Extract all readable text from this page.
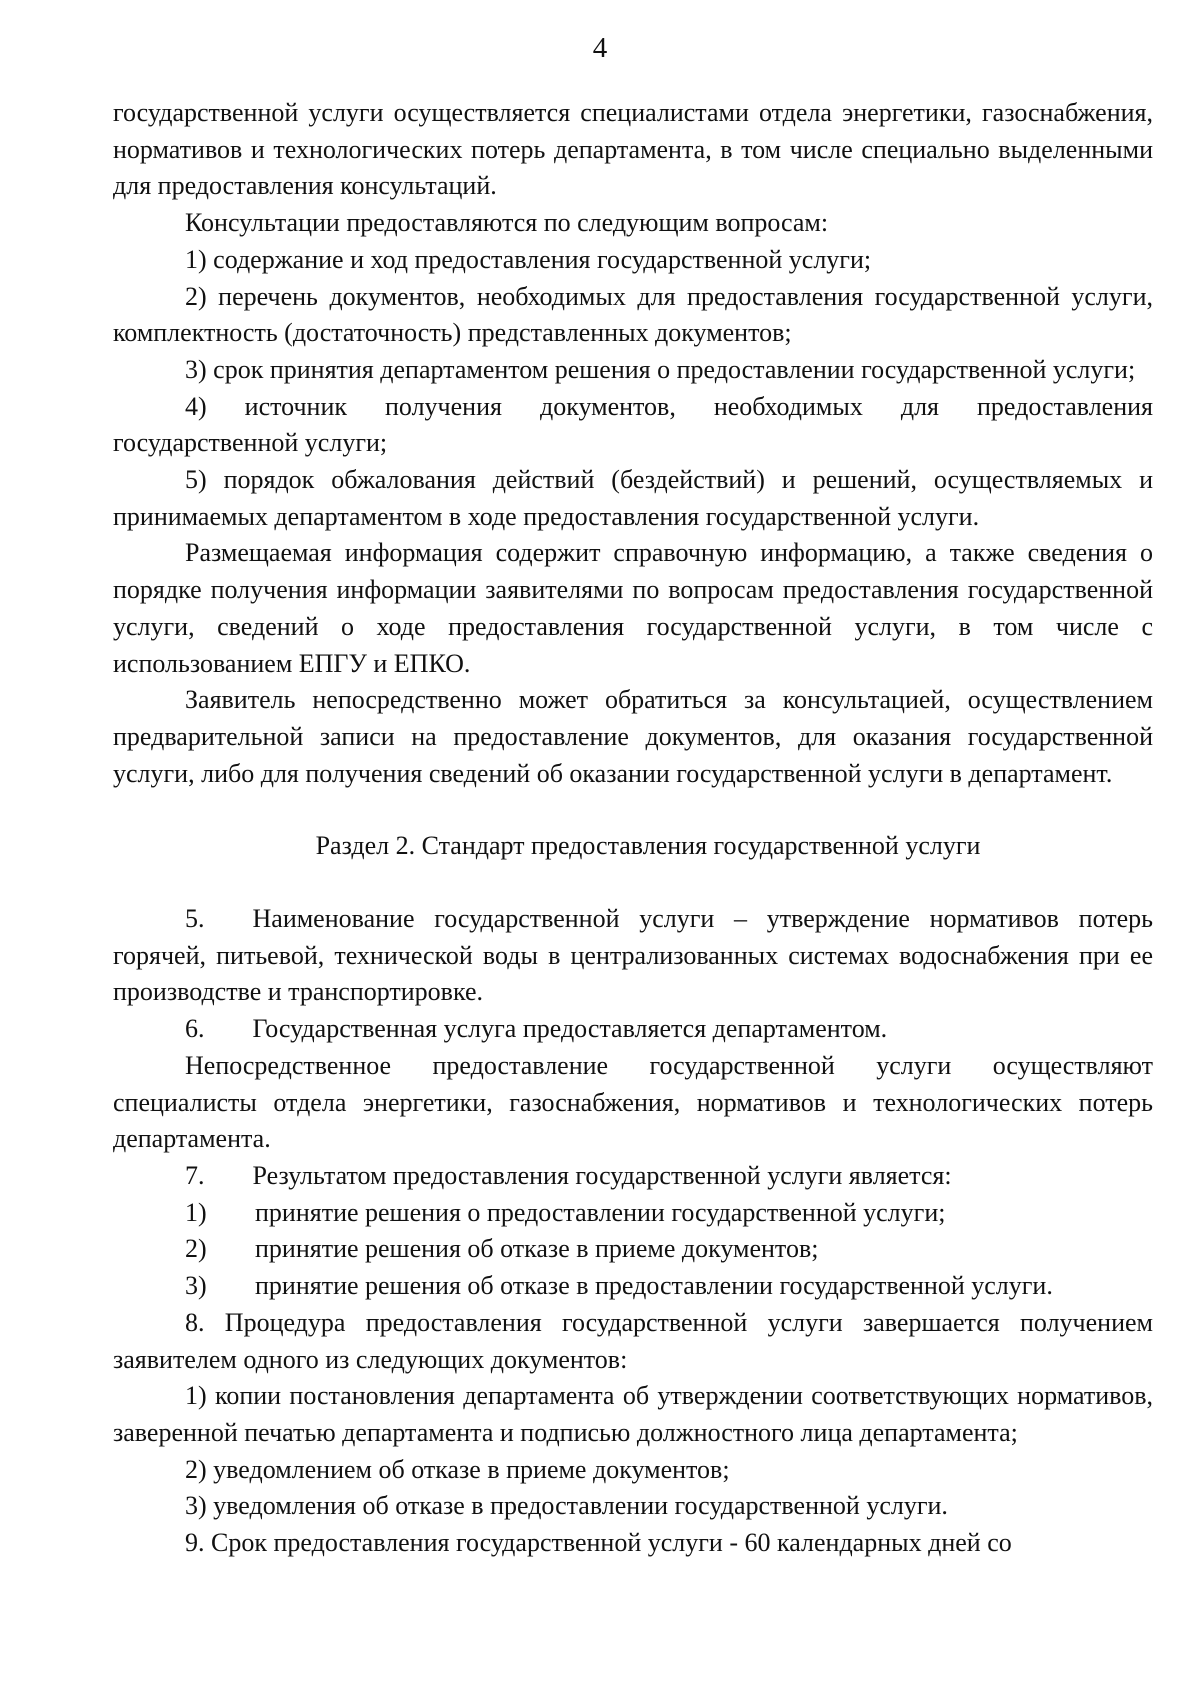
4

государственной услуги осуществляется специалистами отдела энергетики, газоснабжения, нормативов и технологических потерь департамента, в том числе специально выделенными для предоставления консультаций.

Консультации предоставляются по следующим вопросам:

1) содержание и ход предоставления государственной услуги;

2) перечень документов, необходимых для предоставления государственной услуги, комплектность (достаточность) представленных документов;

3) срок принятия департаментом решения о предоставлении государственной услуги;

4) источник получения документов, необходимых для предоставления государственной услуги;

5) порядок обжалования действий (бездействий) и решений, осуществляемых и принимаемых департаментом в ходе предоставления государственной услуги.

Размещаемая информация содержит справочную информацию, а также сведения о порядке получения информации заявителями по вопросам предоставления государственной услуги, сведений о ходе предоставления государственной услуги, в том числе с использованием ЕПГУ и ЕПКО.

Заявитель непосредственно может обратиться за консультацией, осуществлением предварительной записи на предоставление документов, для оказания государственной услуги, либо для получения сведений об оказании государственной услуги в департамент.

Раздел 2. Стандарт предоставления государственной услуги

5. Наименование государственной услуги – утверждение нормативов потерь горячей, питьевой, технической воды в централизованных системах водоснабжения при ее производстве и транспортировке.

6. Государственная услуга предоставляется департаментом.

Непосредственное предоставление государственной услуги осуществляют специалисты отдела энергетики, газоснабжения, нормативов и технологических потерь департамента.

7. Результатом предоставления государственной услуги является:

1) принятие решения о предоставлении государственной услуги;

2) принятие решения об отказе в приеме документов;

3) принятие решения об отказе в предоставлении государственной услуги.

8. Процедура предоставления государственной услуги завершается получением заявителем одного из следующих документов:

1) копии постановления департамента об утверждении соответствующих нормативов, заверенной печатью департамента и подписью должностного лица департамента;

2) уведомлением об отказе в приеме документов;

3) уведомления об отказе в предоставлении государственной услуги.

9. Срок предоставления государственной услуги - 60 календарных дней со
